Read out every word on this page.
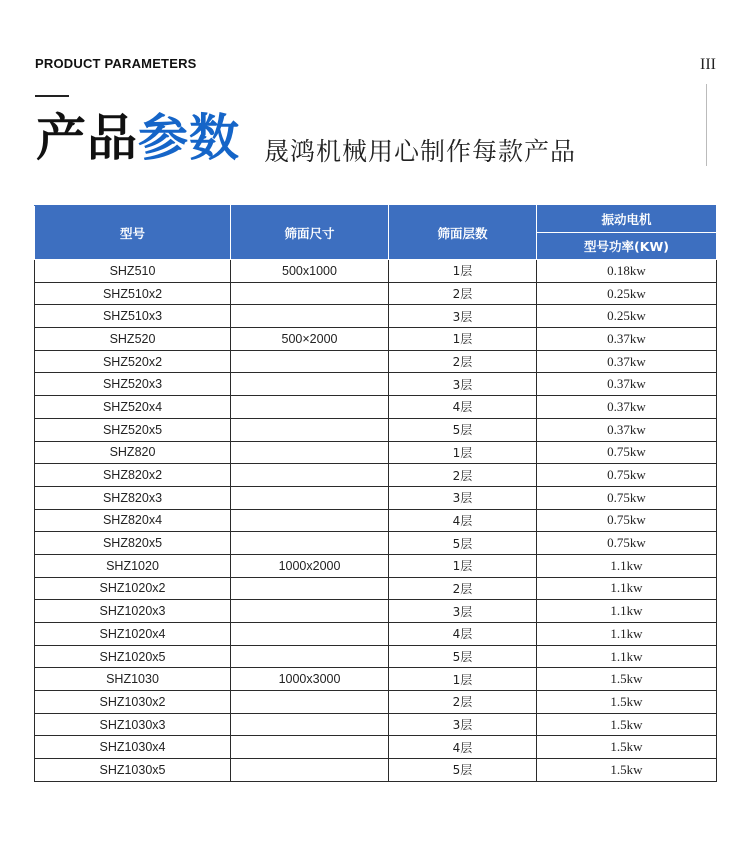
PRODUCT PARAMETERS	III
产品参数 晟鸿机械用心制作每款产品
型号	筛面尺寸	筛面层数	振动电机
			型号功率(KW)
SHZ510	500x1000	1层	0.18kw
SHZ510x2		2层	0.25kw
SHZ510x3		3层	0.25kw
SHZ520	500×2000	1层	0.37kw
SHZ520x2		2层	0.37kw
SHZ520x3		3层	0.37kw
SHZ520x4		4层	0.37kw
SHZ520x5		5层	0.37kw
SHZ820		1层	0.75kw
SHZ820x2		2层	0.75kw
SHZ820x3		3层	0.75kw
SHZ820x4		4层	0.75kw
SHZ820x5		5层	0.75kw
SHZ1020	1000x2000	1层	1.1kw
SHZ1020x2		2层	1.1kw
SHZ1020x3		3层	1.1kw
SHZ1020x4		4层	1.1kw
SHZ1020x5		5层	1.1kw
SHZ1030	1000x3000	1层	1.5kw
SHZ1030x2		2层	1.5kw
SHZ1030x3		3层	1.5kw
SHZ1030x4		4层	1.5kw
SHZ1030x5		5层	1.5kw
